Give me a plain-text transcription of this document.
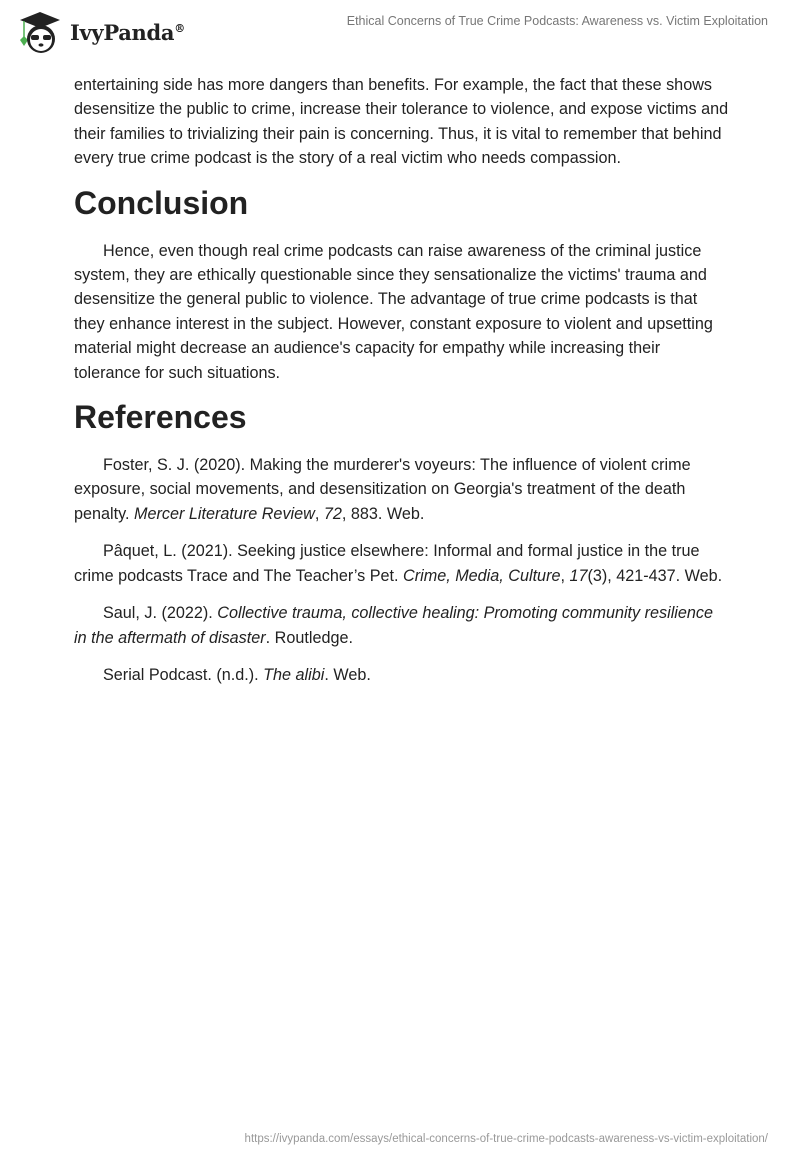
IvyPanda®	Ethical Concerns of True Crime Podcasts: Awareness vs. Victim Exploitation

entertaining side has more dangers than benefits. For example, the fact that these shows desensitize the public to crime, increase their tolerance to violence, and expose victims and their families to trivializing their pain is concerning. Thus, it is vital to remember that behind every true crime podcast is the story of a real victim who needs compassion.

Conclusion

Hence, even though real crime podcasts can raise awareness of the criminal justice system, they are ethically questionable since they sensationalize the victims' trauma and desensitize the general public to violence. The advantage of true crime podcasts is that they enhance interest in the subject. However, constant exposure to violent and upsetting material might decrease an audience's capacity for empathy while increasing their tolerance for such situations.

References

Foster, S. J. (2020). Making the murderer's voyeurs: The influence of violent crime exposure, social movements, and desensitization on Georgia's treatment of the death penalty. Mercer Literature Review, 72, 883. Web.

Pâquet, L. (2021). Seeking justice elsewhere: Informal and formal justice in the true crime podcasts Trace and The Teacher’s Pet. Crime, Media, Culture, 17(3), 421-437. Web.

Saul, J. (2022). Collective trauma, collective healing: Promoting community resilience in the aftermath of disaster. Routledge.

Serial Podcast. (n.d.). The alibi. Web.

https://ivypanda.com/essays/ethical-concerns-of-true-crime-podcasts-awareness-vs-victim-exploitation/
